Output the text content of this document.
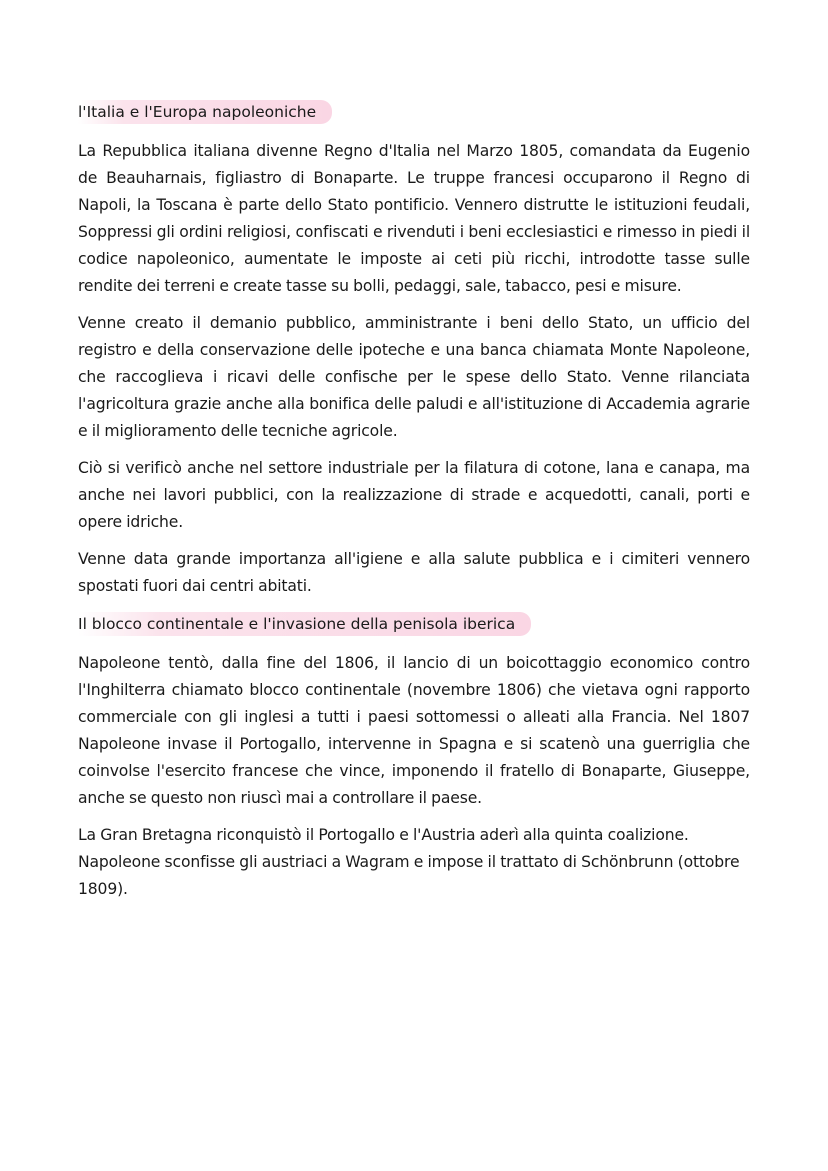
l'Italia e l'Europa napoleoniche

La Repubblica italiana divenne Regno d'Italia nel Marzo 1805, comandata da Eugenio de Beauharnais, figliastro di Bonaparte. Le truppe francesi occuparono il Regno di Napoli, la Toscana è parte dello Stato pontificio. Vennero distrutte le istituzioni feudali, Soppressi gli ordini religiosi, confiscati e rivenduti i beni ecclesiastici e rimesso in piedi il codice napoleonico, aumentate le imposte ai ceti più ricchi, introdotte tasse sulle rendite dei terreni e create tasse su bolli, pedaggi, sale, tabacco, pesi e misure.

Venne creato il demanio pubblico, amministrante i beni dello Stato, un ufficio del registro e della conservazione delle ipoteche e una banca chiamata Monte Napoleone, che raccoglieva i ricavi delle confische per le spese dello Stato. Venne rilanciata l'agricoltura grazie anche alla bonifica delle paludi e all'istituzione di Accademia agrarie e il miglioramento delle tecniche agricole.

Ciò si verificò anche nel settore industriale per la filatura di cotone, lana e canapa, ma anche nei lavori pubblici, con la realizzazione di strade e acquedotti, canali, porti e opere idriche.

Venne data grande importanza all'igiene e alla salute pubblica e i cimiteri vennero spostati fuori dai centri abitati.

Il blocco continentale e l'invasione della penisola iberica

Napoleone tentò, dalla fine del 1806, il lancio di un boicottaggio economico contro l'Inghilterra chiamato blocco continentale (novembre 1806) che vietava ogni rapporto commerciale con gli inglesi a tutti i paesi sottomessi o alleati alla Francia. Nel 1807 Napoleone invase il Portogallo, intervenne in Spagna e si scatenò una guerriglia che coinvolse l'esercito francese che vince, imponendo il fratello di Bonaparte, Giuseppe, anche se questo non riuscì mai a controllare il paese.

La Gran Bretagna riconquistò il Portogallo e l'Austria aderì alla quinta coalizione. Napoleone sconfisse gli austriaci a Wagram e impose il trattato di Schönbrunn (ottobre 1809).
